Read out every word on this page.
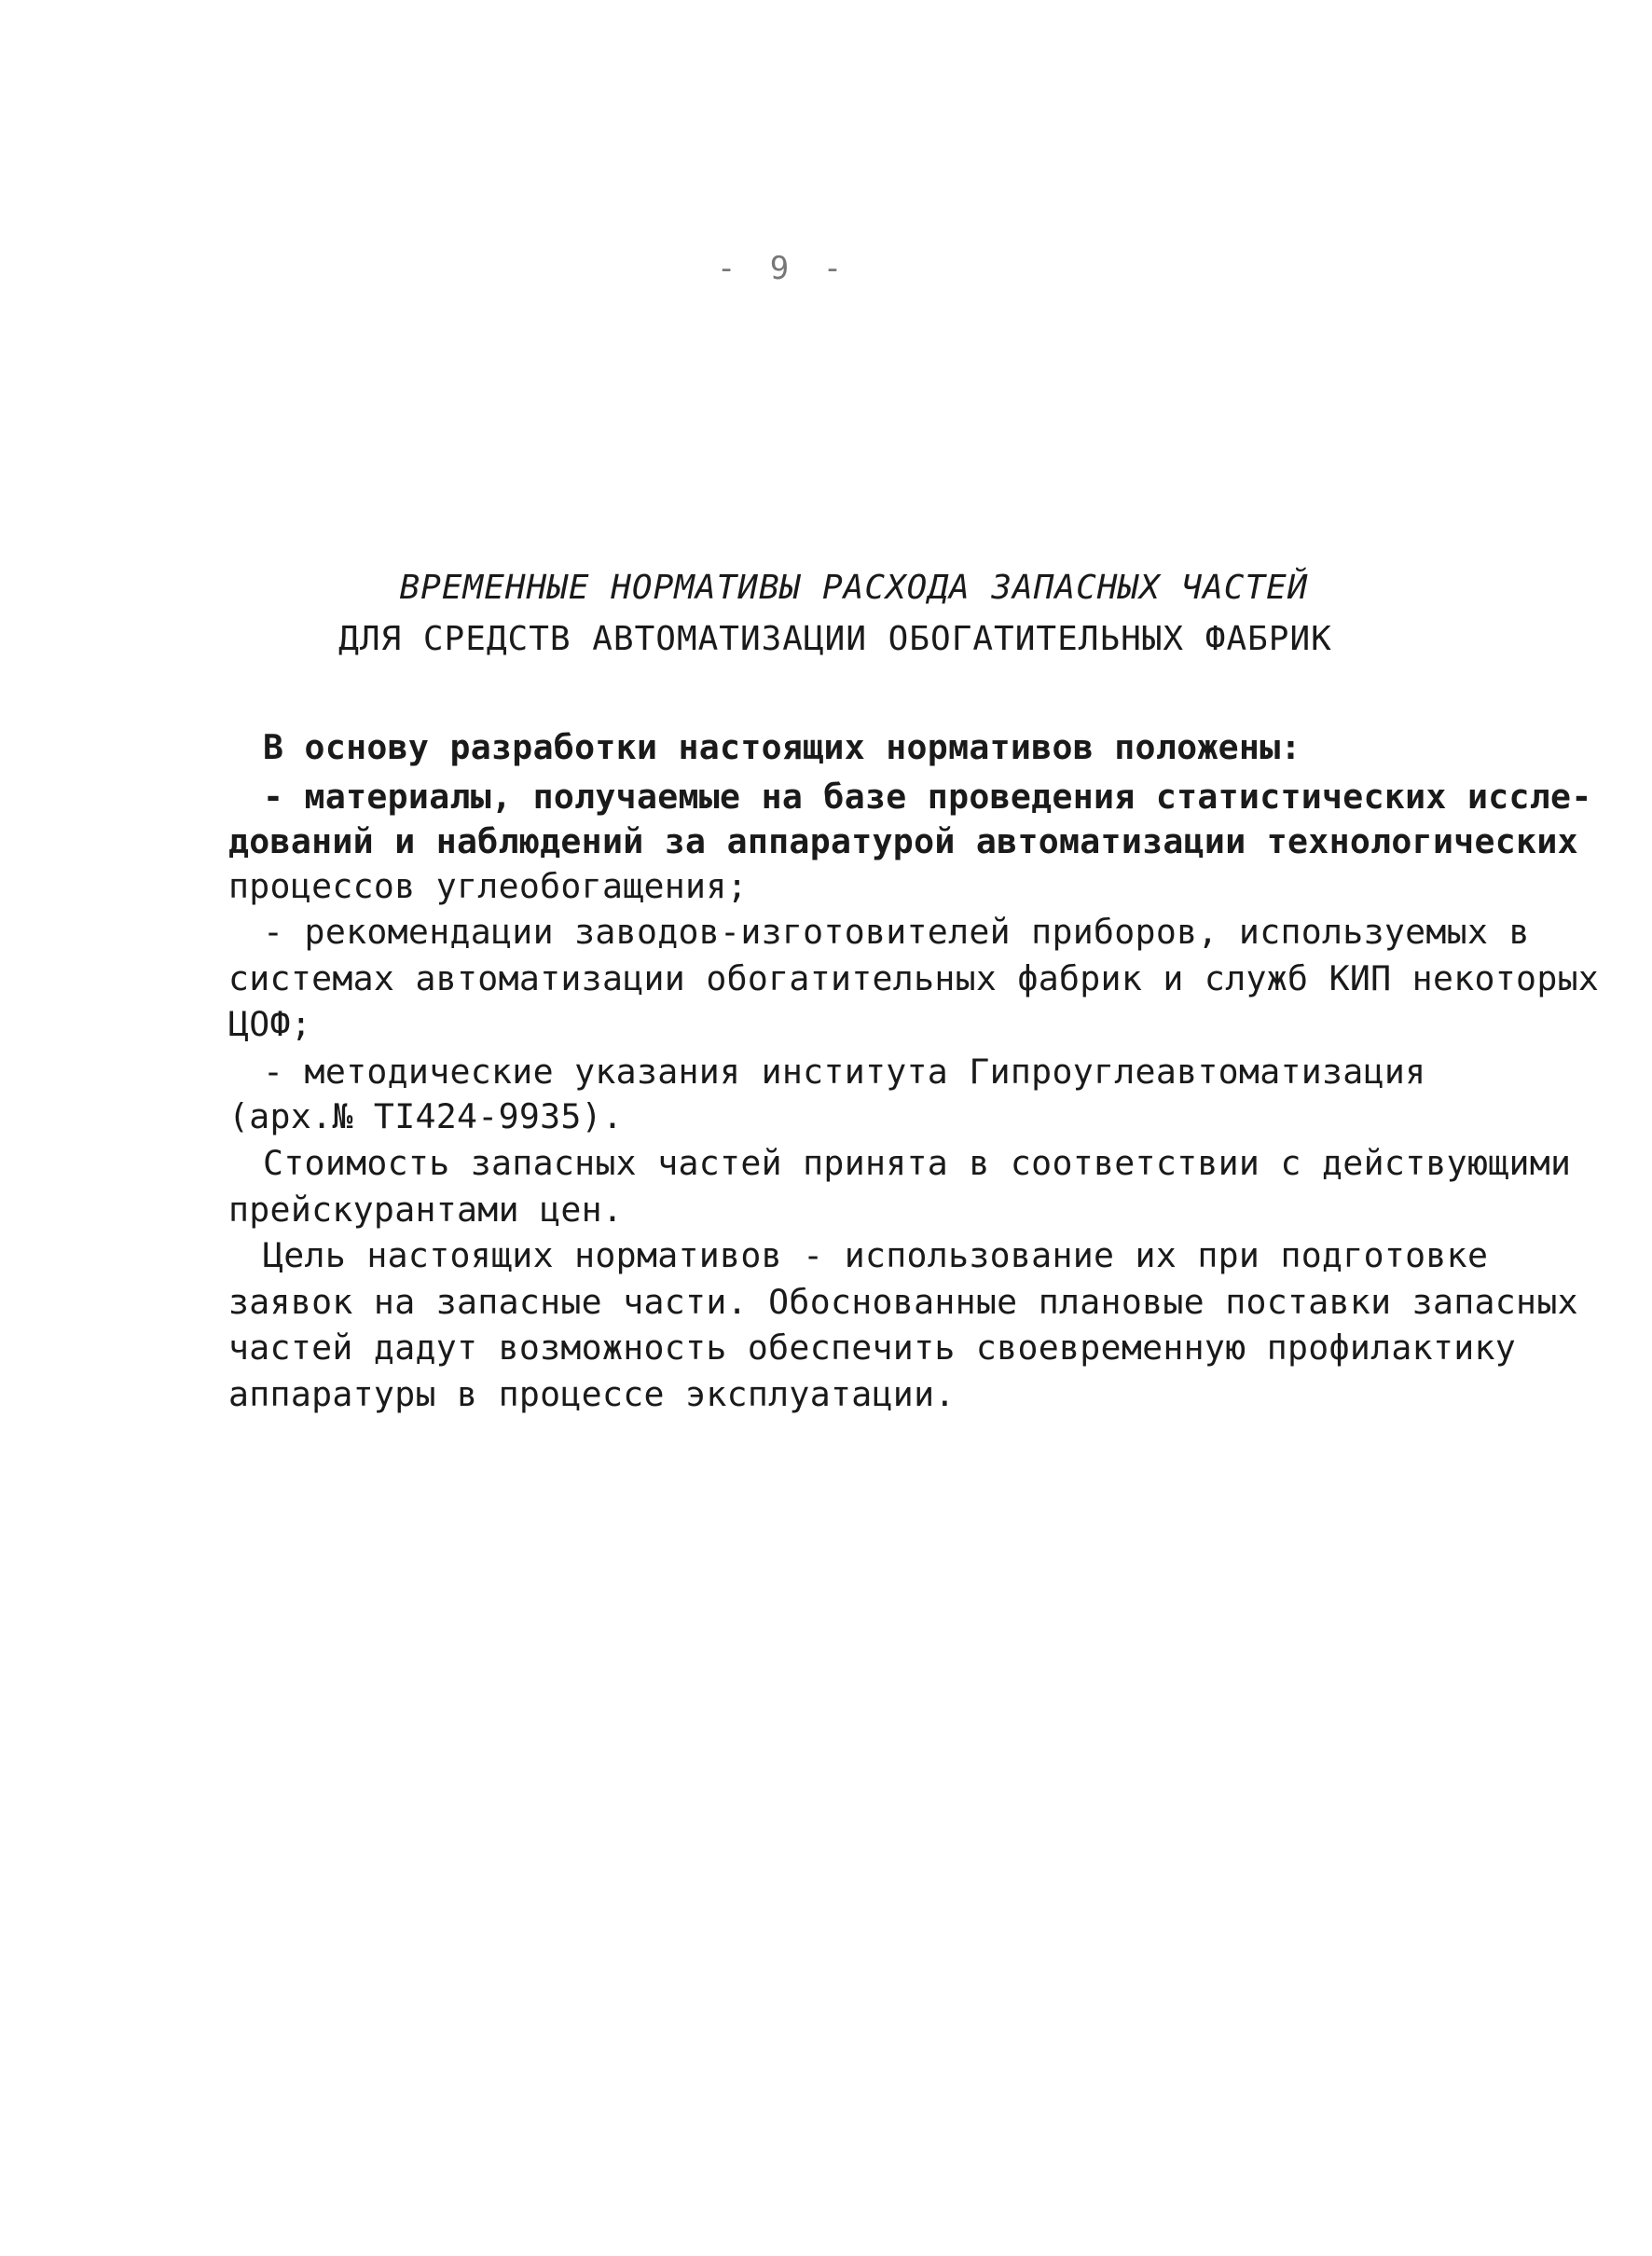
- 9 -
ВРЕМЕННЫЕ НОРМАТИВЫ РАСХОДА ЗАПАСНЫХ ЧАСТЕЙ
ДЛЯ СРЕДСТВ АВТОМАТИЗАЦИИ ОБОГАТИТЕЛЬНЫХ ФАБРИК
В основу разработки настоящих нормативов положены:
- материалы, получаемые на базе проведения статистических иссле-
дований и наблюдений за аппаратурой автоматизации технологических
процессов углеобогащения;
- рекомендации заводов-изготовителей приборов, используемых в
системах автоматизации обогатительных фабрик и служб КИП некоторых
ЦОФ;
- методические указания института Гипроуглеавтоматизация
(арх.№ TI424-9935).
Стоимость запасных частей принята в соответствии с действующими
прейскурантами цен.
Цель настоящих нормативов - использование их при подготовке
заявок на запасные части. Обоснованные плановые поставки запасных
частей дадут возможность обеспечить своевременную профилактику
аппаратуры в процессе эксплуатации.
